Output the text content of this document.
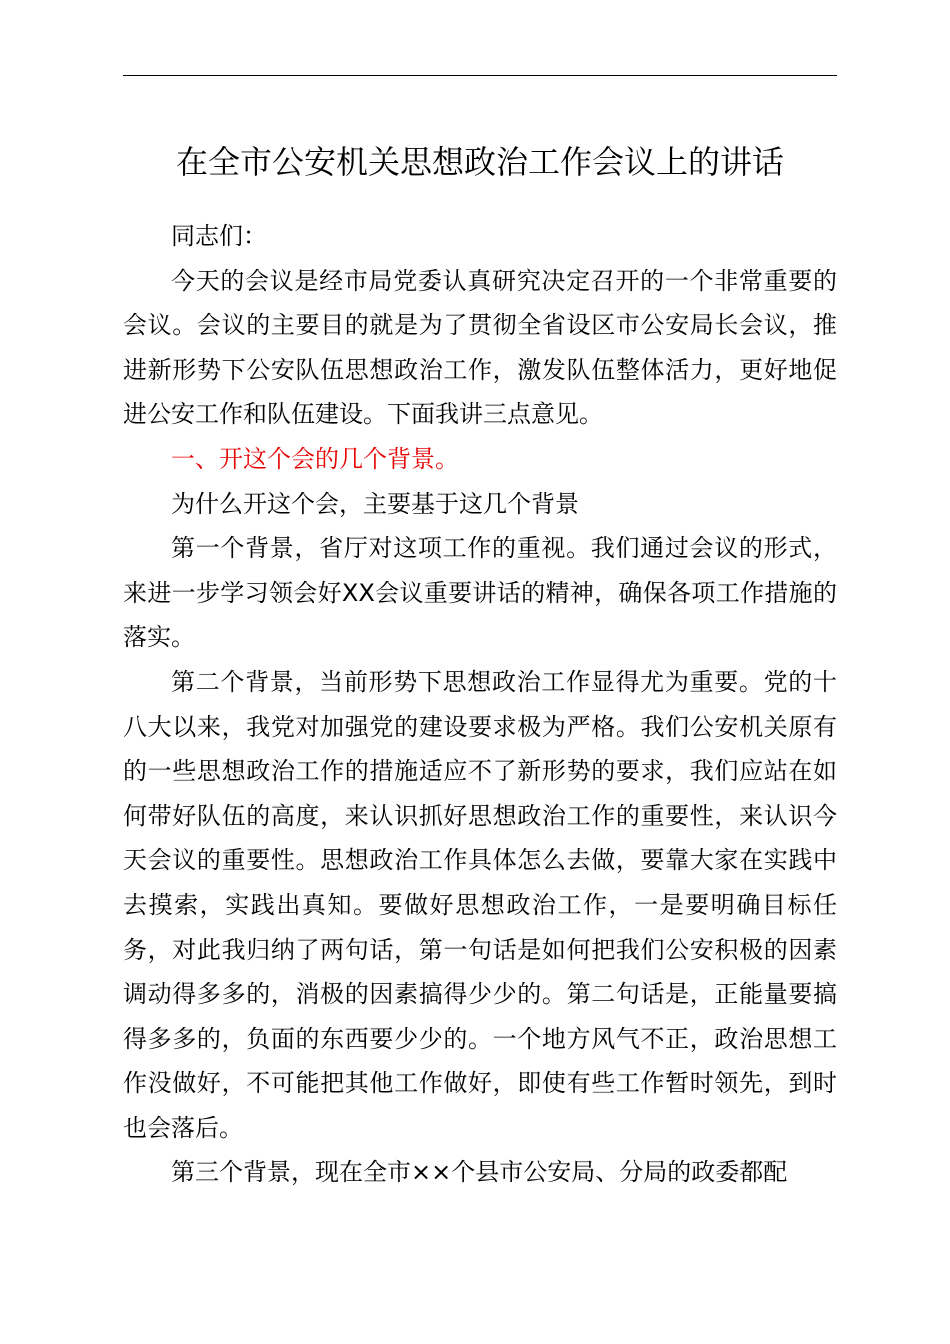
在全市公安机关思想政治工作会议上的讲话

同志们：

今天的会议是经市局党委认真研究决定召开的一个非常重要的会议。会议的主要目的就是为了贯彻全省设区市公安局长会议，推进新形势下公安队伍思想政治工作，激发队伍整体活力，更好地促进公安工作和队伍建设。下面我讲三点意见。

一、开这个会的几个背景。

为什么开这个会，主要基于这几个背景

第一个背景，省厅对这项工作的重视。我们通过会议的形式，来进一步学习领会好XX会议重要讲话的精神，确保各项工作措施的落实。

第二个背景，当前形势下思想政治工作显得尤为重要。党的十八大以来，我党对加强党的建设要求极为严格。我们公安机关原有的一些思想政治工作的措施适应不了新形势的要求，我们应站在如何带好队伍的高度，来认识抓好思想政治工作的重要性，来认识今天会议的重要性。思想政治工作具体怎么去做，要靠大家在实践中去摸索，实践出真知。要做好思想政治工作，一是要明确目标任务，对此我归纳了两句话，第一句话是如何把我们公安积极的因素调动得多多的，消极的因素搞得少少的。第二句话是，正能量要搞得多多的，负面的东西要少少的。一个地方风气不正，政治思想工作没做好，不可能把其他工作做好，即使有些工作暂时领先，到时也会落后。

第三个背景，现在全市××个县市公安局、分局的政委都配
